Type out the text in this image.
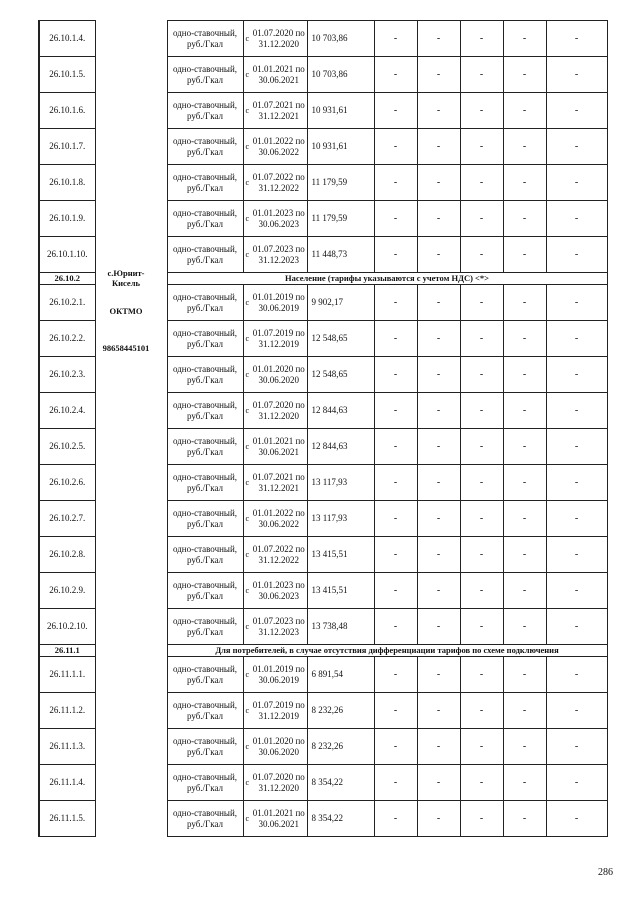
26.10.1.4.		одно-ставочный, руб./Гкал	с	01.07.2020 по 31.12.2020	10 703,86	-	-	-	-	-
26.10.1.5.		одно-ставочный, руб./Гкал	с	01.01.2021 по 30.06.2021	10 703,86	-	-	-	-	-
26.10.1.6.		одно-ставочный, руб./Гкал	с	01.07.2021 по 31.12.2021	10 931,61	-	-	-	-	-
26.10.1.7.		одно-ставочный, руб./Гкал	с	01.01.2022 по 30.06.2022	10 931,61	-	-	-	-	-
26.10.1.8.		одно-ставочный, руб./Гкал	с	01.07.2022 по 31.12.2022	11 179,59	-	-	-	-	-
26.10.1.9.		одно-ставочный, руб./Гкал	с	01.01.2023 по 30.06.2023	11 179,59	-	-	-	-	-
26.10.1.10.		одно-ставочный, руб./Гкал	с	01.07.2023 по 31.12.2023	11 448,73	-	-	-	-	-
26.10.2		Население (тарифы указываются с учетом НДС) <*>								
26.10.2.1.		одно-ставочный, руб./Гкал	с	01.01.2019 по 30.06.2019	9 902,17	-	-	-	-	-
26.10.2.2.		одно-ставочный, руб./Гкал	с	01.07.2019 по 31.12.2019	12 548,65	-	-	-	-	-
26.10.2.3.		одно-ставочный, руб./Гкал	с	01.01.2020 по 30.06.2020	12 548,65	-	-	-	-	-
26.10.2.4.		одно-ставочный, руб./Гкал	с	01.07.2020 по 31.12.2020	12 844,63	-	-	-	-	-
26.10.2.5.		одно-ставочный, руб./Гкал	с	01.01.2021 по 30.06.2021	12 844,63	-	-	-	-	-
26.10.2.6.		одно-ставочный, руб./Гкал	с	01.07.2021 по 31.12.2021	13 117,93	-	-	-	-	-
26.10.2.7.		одно-ставочный, руб./Гкал	с	01.01.2022 по 30.06.2022	13 117,93	-	-	-	-	-
26.10.2.8.		одно-ставочный, руб./Гкал	с	01.07.2022 по 31.12.2022	13 415,51	-	-	-	-	-
26.10.2.9.		одно-ставочный, руб./Гкал	с	01.01.2023 по 30.06.2023	13 415,51	-	-	-	-	-
26.10.2.10.		одно-ставочный, руб./Гкал	с	01.07.2023 по 31.12.2023	13 738,48	-	-	-	-	-
26.11.1		Для потребителей, в случае отсутствия дифференциации тарифов по схеме подключения								
26.11.1.1.		одно-ставочный, руб./Гкал	с	01.01.2019 по 30.06.2019	6 891,54	-	-	-	-	-
26.11.1.2.		одно-ставочный, руб./Гкал	с	01.07.2019 по 31.12.2019	8 232,26	-	-	-	-	-
26.11.1.3.		одно-ставочный, руб./Гкал	с	01.01.2020 по 30.06.2020	8 232,26	-	-	-	-	-
26.11.1.4.		одно-ставочный, руб./Гкал	с	01.07.2020 по 31.12.2020	8 354,22	-	-	-	-	-
26.11.1.5.		одно-ставочный, руб./Гкал	с	01.01.2021 по 30.06.2021	8 354,22	-	-	-	-	-
с.Юрнит-Кисель
ОКТМО
98658445101
286
